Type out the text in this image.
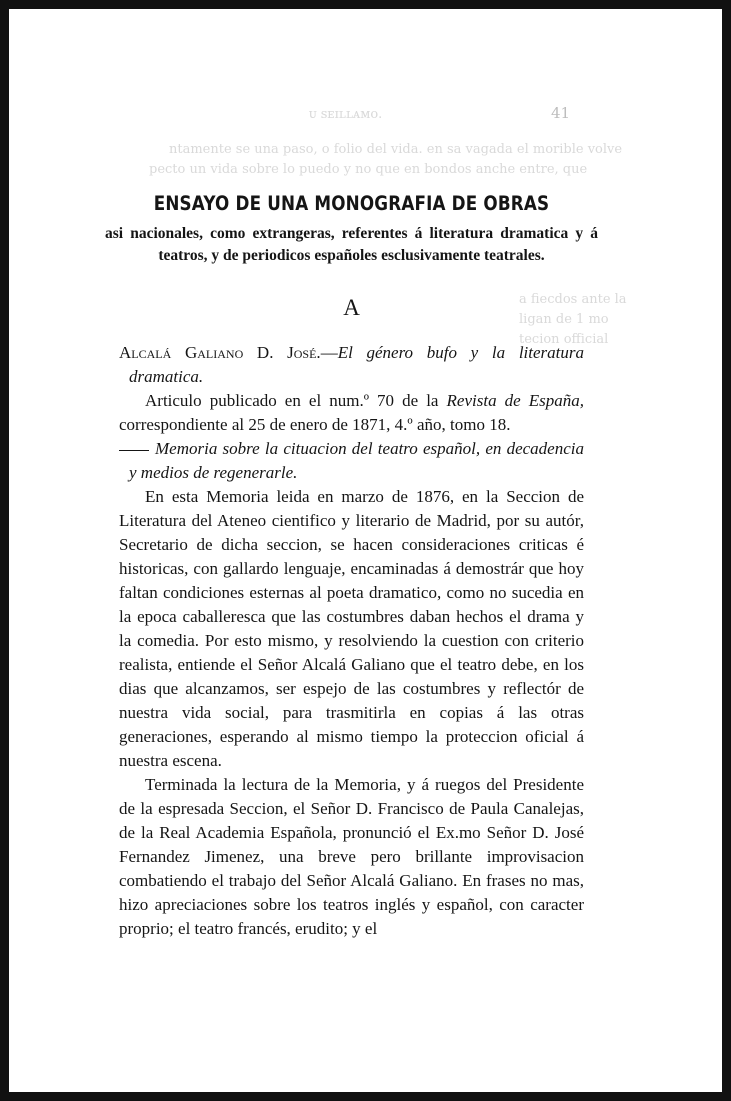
ᴜ ꜱᴇɪʟʟᴀᴍᴏ.
ntamente se una paso, o folio del vida. en sa vagada el morible volve
pecto un vida sobre lo puedo y no que en bondos anche entre, que
a fiecdos ante la
ligan de 1 mo
tecion official
41
ENSAYO DE UNA MONOGRAFIA DE OBRAS
asi nacionales, como extrangeras, referentes á literatura dramatica y á teatros, y de periodicos españoles esclusivamente teatrales.
A

Alcalá Galiano D. José.—El género bufo y la literatura dramatica.

Articulo publicado en el num.º 70 de la Revista de España, correspondiente al 25 de enero de 1871, 4.º año, tomo 18.

Memoria sobre la cituacion del teatro español, en decadencia y medios de regenerarle.

En esta Memoria leida en marzo de 1876, en la Seccion de Literatura del Ateneo cientifico y literario de Madrid, por su autór, Secretario de dicha seccion, se hacen consideraciones criticas é historicas, con gallardo lenguaje, encaminadas á demostrár que hoy faltan condiciones esternas al poeta dramatico, como no sucedia en la epoca caballeresca que las costumbres daban hechos el drama y la comedia. Por esto mismo, y resolviendo la cuestion con criterio realista, entiende el Señor Alcalá Galiano que el teatro debe, en los dias que alcanzamos, ser espejo de las costumbres y reflectór de nuestra vida social, para trasmitirla en copias á las otras generaciones, esperando al mismo tiempo la proteccion oficial á nuestra escena.

Terminada la lectura de la Memoria, y á ruegos del Presidente de la espresada Seccion, el Señor D. Francisco de Paula Canalejas, de la Real Academia Española, pronunció el Ex.mo Señor D. José Fernandez Jimenez, una breve pero brillante improvisacion combatiendo el trabajo del Señor Alcalá Galiano. En frases no mas, hizo apreciaciones sobre los teatros inglés y español, con caracter proprio; el teatro francés, erudito; y el
